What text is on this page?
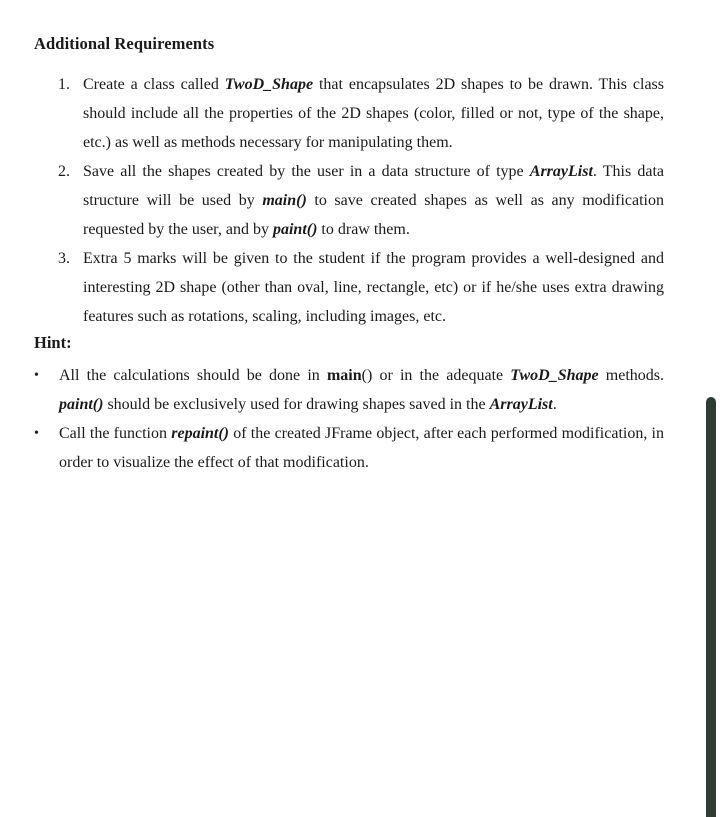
Additional Requirements
1. Create a class called TwoD_Shape that encapsulates 2D shapes to be drawn. This class should include all the properties of the 2D shapes (color, filled or not, type of the shape, etc.) as well as methods necessary for manipulating them.
2. Save all the shapes created by the user in a data structure of type ArrayList. This data structure will be used by main() to save created shapes as well as any modification requested by the user, and by paint() to draw them.
3. Extra 5 marks will be given to the student if the program provides a well-designed and interesting 2D shape (other than oval, line, rectangle, etc) or if he/she uses extra drawing features such as rotations, scaling, including images, etc.
Hint:
• All the calculations should be done in main() or in the adequate TwoD_Shape methods. paint() should be exclusively used for drawing shapes saved in the ArrayList.
• Call the function repaint() of the created JFrame object, after each performed modification, in order to visualize the effect of that modification.
